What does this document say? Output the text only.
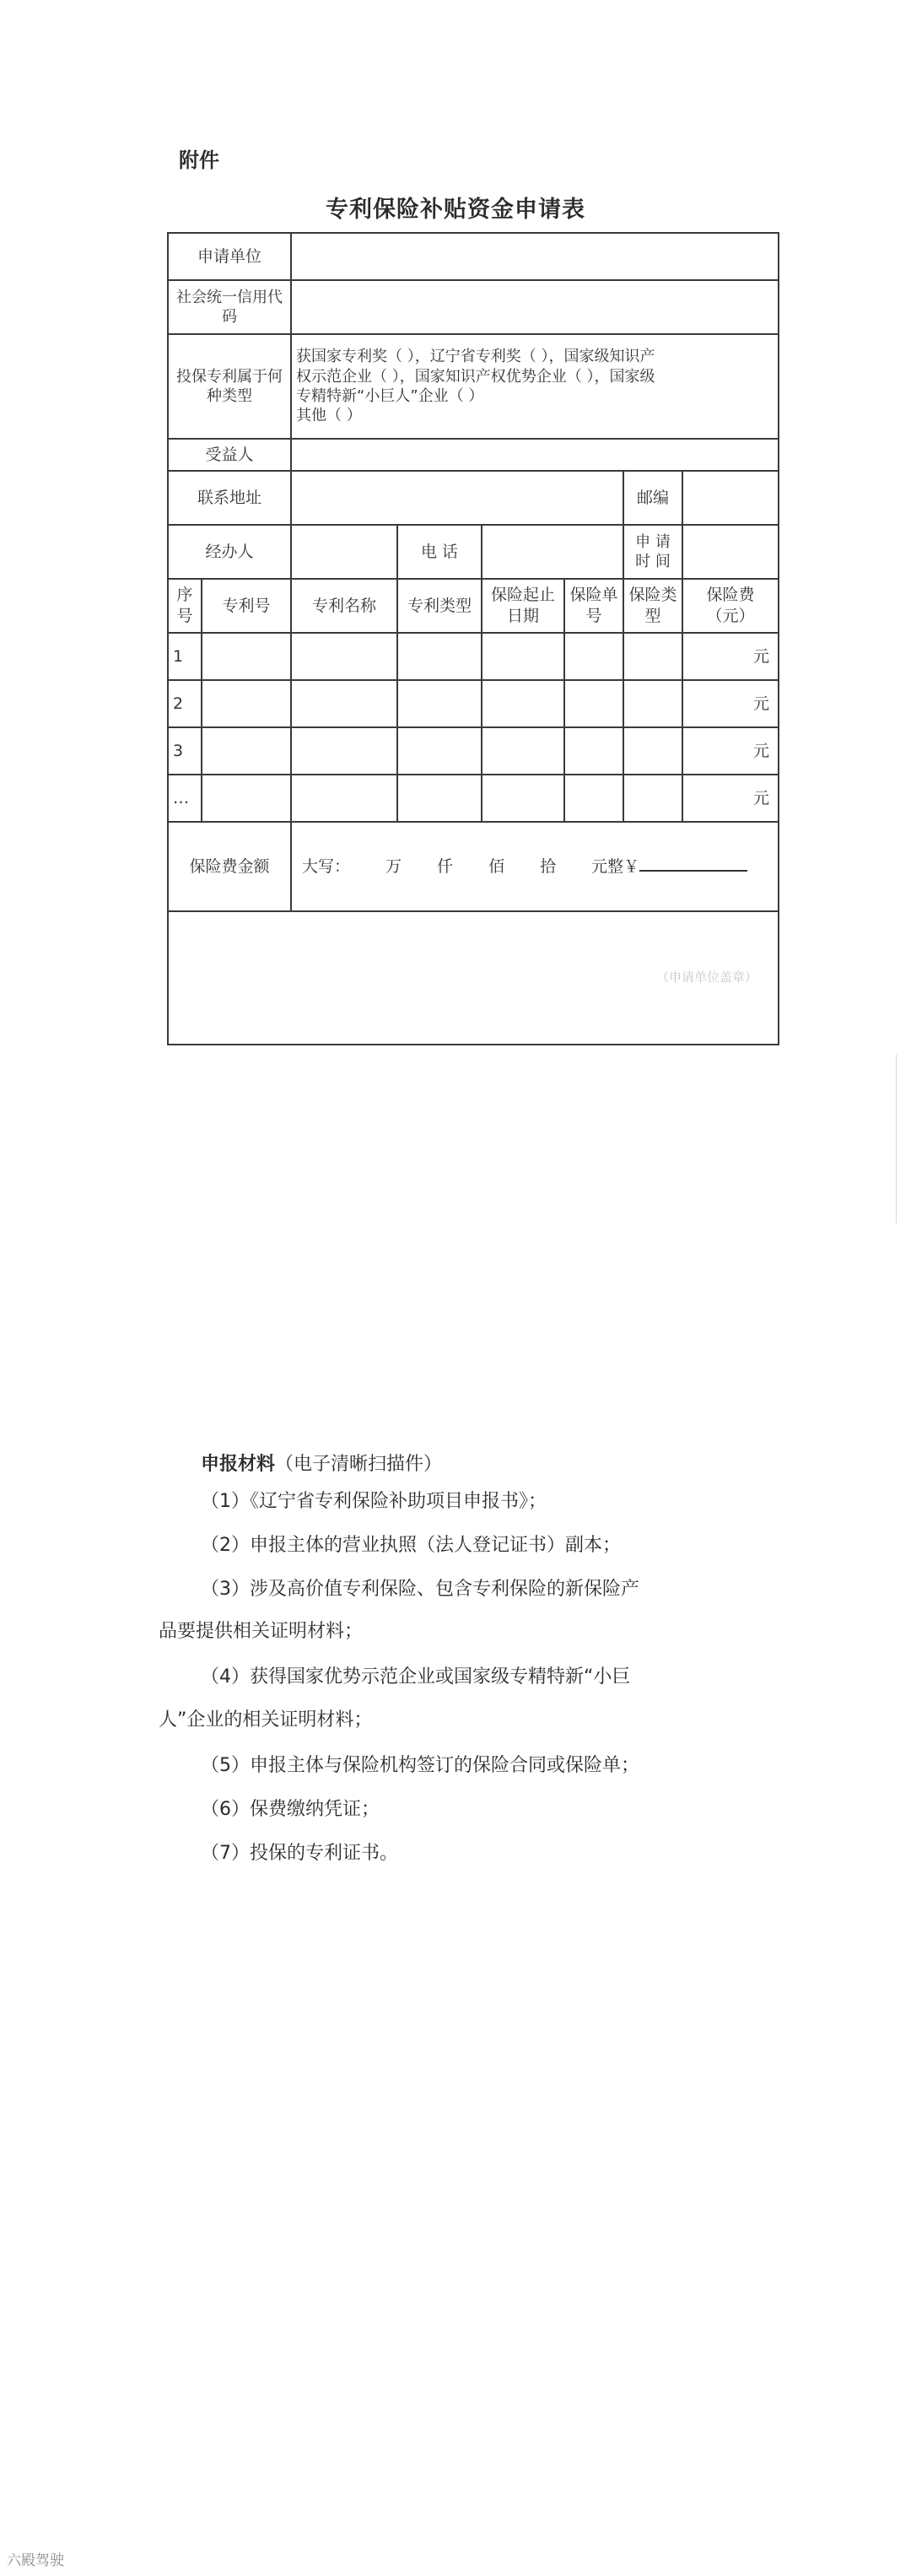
附件
专利保险补贴资金申请表
申请单位							
社会统一信用代码							
投保专利属于何种类型		获国家专利奖（ ），辽宁省专利奖（ ），国家级知识产
权示范企业（ ），国家知识产权优势企业（ ），国家级
专精特新“小巨人”企业（ ）
其他（ ）					

受益人							
联系地址						邮编	
经办人			电 话			申 请时 间	
序号	专利号	专利名称	专利类型	保险起止日期	保险单号	保险类型	保险费（元）
1							元
2							元
3							元
…							元
保险费金额		大写： 万 仟 佰 拾 元整￥					
（申请单位盖章）							
申报材料（电子清晰扫描件）
（1）《辽宁省专利保险补助项目申报书》；
（2）申报主体的营业执照（法人登记证书）副本；
（3）涉及高价值专利保险、包含专利保险的新保险产
品要提供相关证明材料；
（4）获得国家优势示范企业或国家级专精特新“小巨
人”企业的相关证明材料；
（5）申报主体与保险机构签订的保险合同或保险单；
（6）保费缴纳凭证；
（7）投保的专利证书。
六殿驾驶
